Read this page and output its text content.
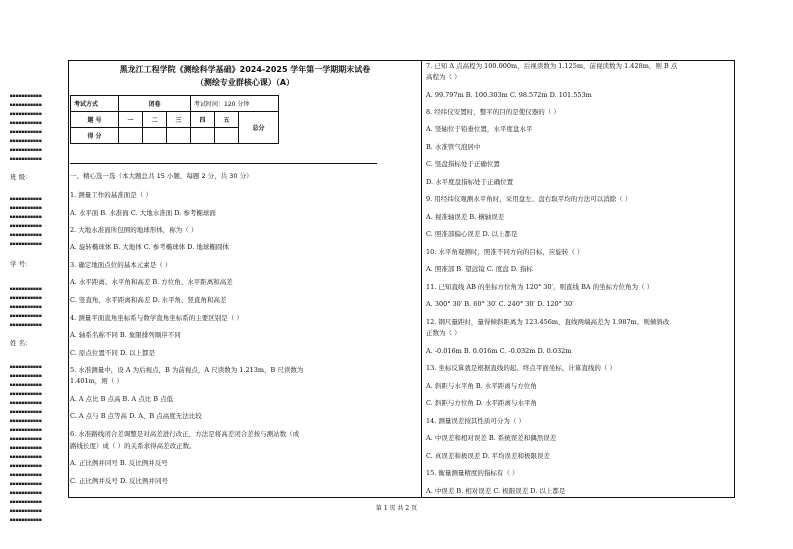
■■■■■■■■■■■
■■■■■■■■■■■
■■■■■■■■■■■
■■■■■■■■■■■
■■■■■■■■■■■
■■■■■■■■■■■
■■■■■■■■■■■
■■■■■■■■■■■
班 级：
■■■■■■■■■■■
■■■■■■■■■■■
■■■■■■■■■■■
■■■■■■■■■■■
■■■■■■■■■■■
■■■■■■■■■■■
学 号：
■■■■■■■■■■■
■■■■■■■■■■■
■■■■■■■■■■■
■■■■■■■■■■■
■■■■■■■■■■■
姓 名：
■■■■■■■■■■■
■■■■■■■■■■■
■■■■■■■■■■■
■■■■■■■■■■■
■■■■■■■■■■■
■■■■■■■■■■■
■■■■■■■■■■■
■■■■■■■■■■■
■■■■■■■■■■■
■■■■■■■■■■■
■■■■■■■■■■■
■■■■■■■■■■■
■■■■■■■■■■■
■■■■■■■■■■■
■■■■■■■■■■■
■■■■■■■■■■■
■■■■■■■■■■■
■■■■■■■■■■■
黑龙江工程学院《测绘科学基础》2024-2025 学年第一学期期末试卷
（测绘专业群核心课）（A）
考试方式	闭卷			考试时间：120 分钟		
题 号	一	二	三	四	五	总分
得 分						
一、精心选一选（本大题总共 15 小题，每题 2 分，共 30 分）
1. 测量工作的基准面是（ ）
A. 水平面 B. 水准面 C. 大地水准面 D. 参考椭球面
2. 大地水准面所包围的地球形体，称为（ ）
A. 旋转椭球体 B. 大地体 C. 参考椭球体 D. 地球椭圆体
3. 确定地面点位的基本元素是（ ）
A. 水平距离、水平角和高差 B. 方位角、水平距离和高差
C. 竖直角、水平距离和高差 D. 水平角、竖直角和高差
4. 测量平面直角坐标系与数学直角坐标系的主要区别是（ ）
A. 轴系名称不同 B. 象限排列顺序不同
C. 原点位置不同 D. 以上都是
5. 水准测量中，设 A 为后视点，B 为前视点，A 尺读数为 1.213m，B 尺读数为
1.401m，则（ ）
A. A 点比 B 点高 B. A 点比 B 点低
C. A 点与 B 点等高 D. A、B 点高度无法比较
6. 水准路线闭合差调整是对高差进行改正，方法是将高差闭合差按与测站数（或
路线长度）成（ ）的关系求得高差改正数。
A. 正比例并同号 B. 反比例并反号
C. 正比例并反号 D. 反比例并同号
7. 已知 A 点高程为 100.000m，后视读数为 1.125m，前视读数为 1.428m，则 B 点
高程为（ ）
A. 99.797m B. 100.303m C. 98.572m D. 101.553m
8. 经纬仪安置时，整平的目的是使仪器的（ ）
A. 竖轴位于铅垂位置，水平度盘水平
B. 水准管气泡居中
C. 竖盘指标处于正确位置
D. 水平度盘指标处于正确位置
9. 用经纬仪观测水平角时，采用盘左、盘右取平均的方法可以消除（ ）
A. 视准轴误差 B. 横轴误差
C. 照准部偏心误差 D. 以上都是
10. 水平角观测时，照准不同方向的目标，应旋转（ ）
A. 照准部 B. 望远镜 C. 度盘 D. 指标
11. 已知直线 AB 的坐标方位角为 120° 30′，则直线 BA 的坐标方位角为（ ）
A. 300° 30′ B. 60° 30′ C. 240° 30′ D. 120° 30′
12. 钢尺量距时，量得倾斜距离为 123.456m，直线两端高差为 1.987m，则倾斜改
正数为（ ）
A. -0.016m B. 0.016m C. -0.032m D. 0.032m
13. 坐标反算就是根据直线的起、终点平面坐标，计算直线的（ ）
A. 斜距与水平角 B. 水平距离与方位角
C. 斜距与方位角 D. 水平距离与水平角
14. 测量误差按其性质可分为（ ）
A. 中误差和相对误差 B. 系统误差和偶然误差
C. 真误差和极误差 D. 平均误差和极限误差
15. 衡量测量精度的指标有（ ）
A. 中误差 B. 相对误差 C. 极限误差 D. 以上都是
第 1 页 共 2 页
